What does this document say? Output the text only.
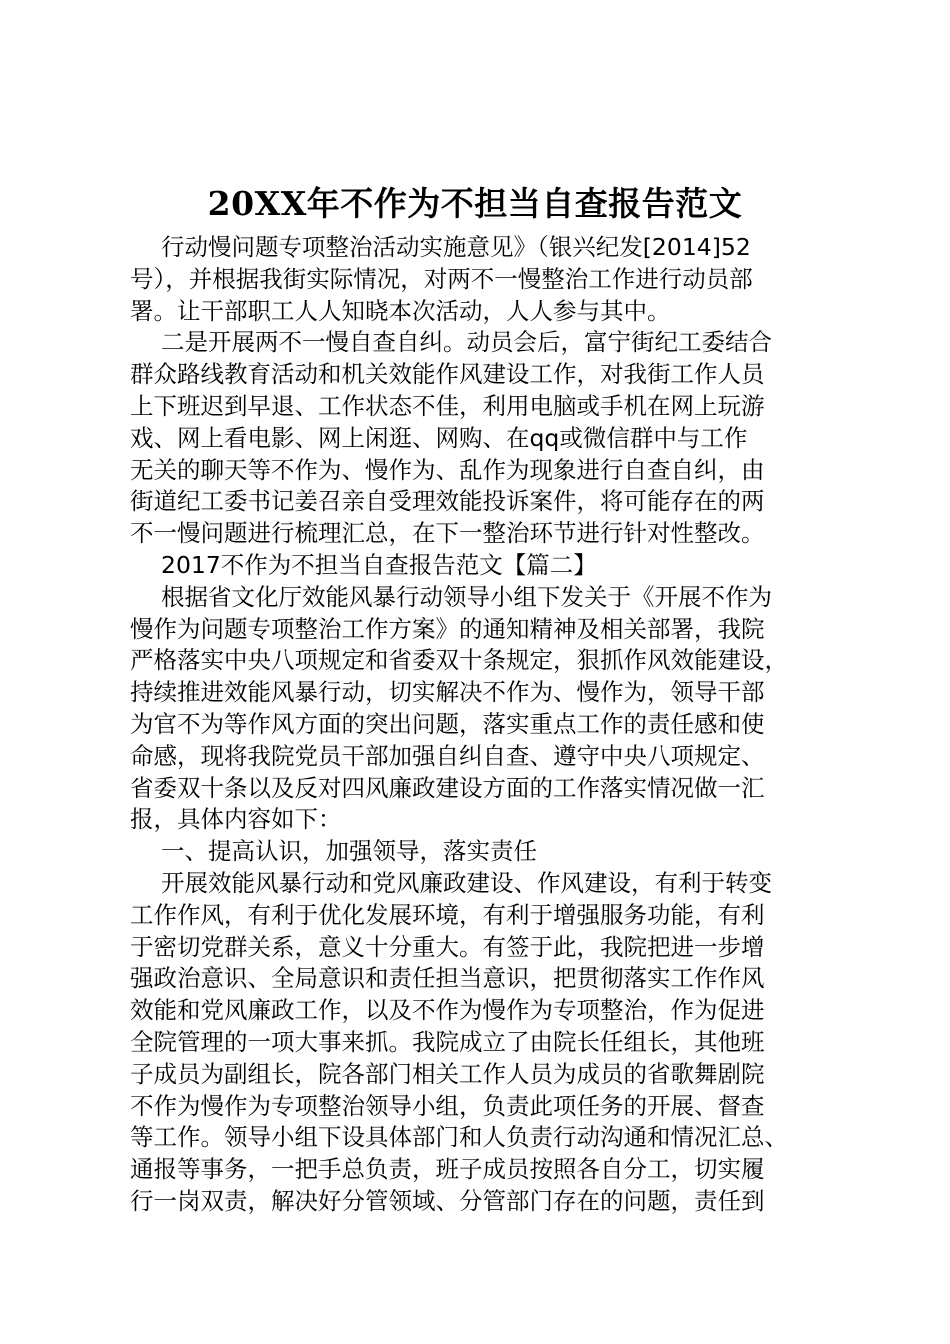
20XX年不作为不担当自查报告范文
行动慢问题专项整治活动实施意见》（银兴纪发[2014]52
号），并根据我街实际情况，对两不一慢整治工作进行动员部
署。让干部职工人人知晓本次活动，人人参与其中。
二是开展两不一慢自查自纠。动员会后，富宁街纪工委结合
群众路线教育活动和机关效能作风建设工作，对我街工作人员
上下班迟到早退、工作状态不佳，利用电脑或手机在网上玩游
戏、网上看电影、网上闲逛、网购、在qq或微信群中与工作
无关的聊天等不作为、慢作为、乱作为现象进行自查自纠，由
街道纪工委书记姜召亲自受理效能投诉案件，将可能存在的两
不一慢问题进行梳理汇总，在下一整治环节进行针对性整改。
2017不作为不担当自查报告范文【篇二】
根据省文化厅效能风暴行动领导小组下发关于《开展不作为
慢作为问题专项整治工作方案》的通知精神及相关部署，我院
严格落实中央八项规定和省委双十条规定，狠抓作风效能建设，
持续推进效能风暴行动，切实解决不作为、慢作为，领导干部
为官不为等作风方面的突出问题，落实重点工作的责任感和使
命感，现将我院党员干部加强自纠自查、遵守中央八项规定、
省委双十条以及反对四风廉政建设方面的工作落实情况做一汇
报，具体内容如下：
一、提高认识，加强领导，落实责任
开展效能风暴行动和党风廉政建设、作风建设，有利于转变
工作作风，有利于优化发展环境，有利于增强服务功能，有利
于密切党群关系，意义十分重大。有签于此，我院把进一步增
强政治意识、全局意识和责任担当意识，把贯彻落实工作作风
效能和党风廉政工作，以及不作为慢作为专项整治，作为促进
全院管理的一项大事来抓。我院成立了由院长任组长，其他班
子成员为副组长，院各部门相关工作人员为成员的省歌舞剧院
不作为慢作为专项整治领导小组，负责此项任务的开展、督查
等工作。领导小组下设具体部门和人负责行动沟通和情况汇总、
通报等事务，一把手总负责，班子成员按照各自分工，切实履
行一岗双责，解决好分管领域、分管部门存在的问题，责任到
